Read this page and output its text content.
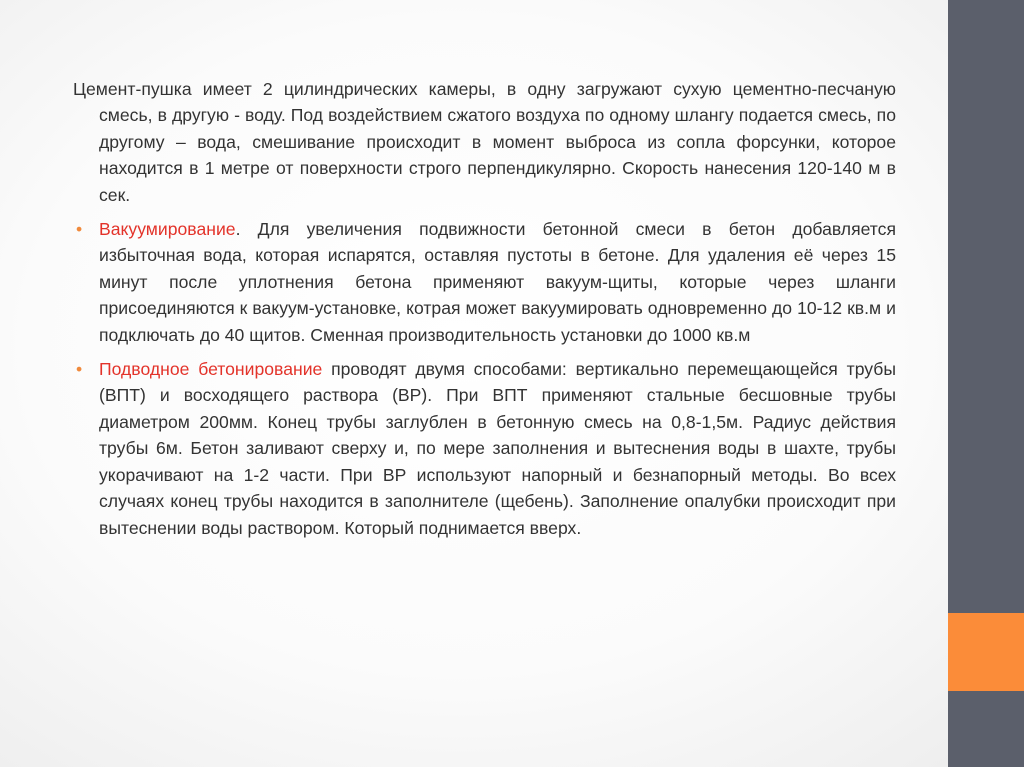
Цемент-пушка имеет 2 цилиндрических камеры, в одну загружают сухую цементно-песчаную смесь, в другую - воду. Под воздействием сжатого воздуха по одному шлангу подается смесь, по другому – вода, смешивание происходит в момент выброса из сопла форсунки, которое находится в 1 метре от поверхности строго перпендикулярно. Скорость нанесения 120-140 м в сек.

• Вакуумирование. Для увеличения подвижности бетонной смеси в бетон добавляется избыточная вода, которая испарятся, оставляя пустоты в бетоне. Для удаления её через 15 минут после уплотнения бетона применяют вакуум-щиты, которые через шланги присоединяются к вакуум-установке, котрая может вакуумировать одновременно до 10-12 кв.м и подключать до 40 щитов. Сменная производительность установки до 1000 кв.м

• Подводное бетонирование проводят двумя способами: вертикально перемещающейся трубы (ВПТ) и восходящего раствора (ВР). При ВПТ применяют стальные бесшовные трубы диаметром 200мм. Конец трубы заглублен в бетонную смесь на 0,8-1,5м. Радиус действия трубы 6м. Бетон заливают сверху и, по мере заполнения и вытеснения воды в шахте, трубы укорачивают на 1-2 части. При ВР используют напорный и безнапорный методы. Во всех случаях конец трубы находится в заполнителе (щебень). Заполнение опалубки происходит при вытеснении воды раствором. Который поднимается вверх.
